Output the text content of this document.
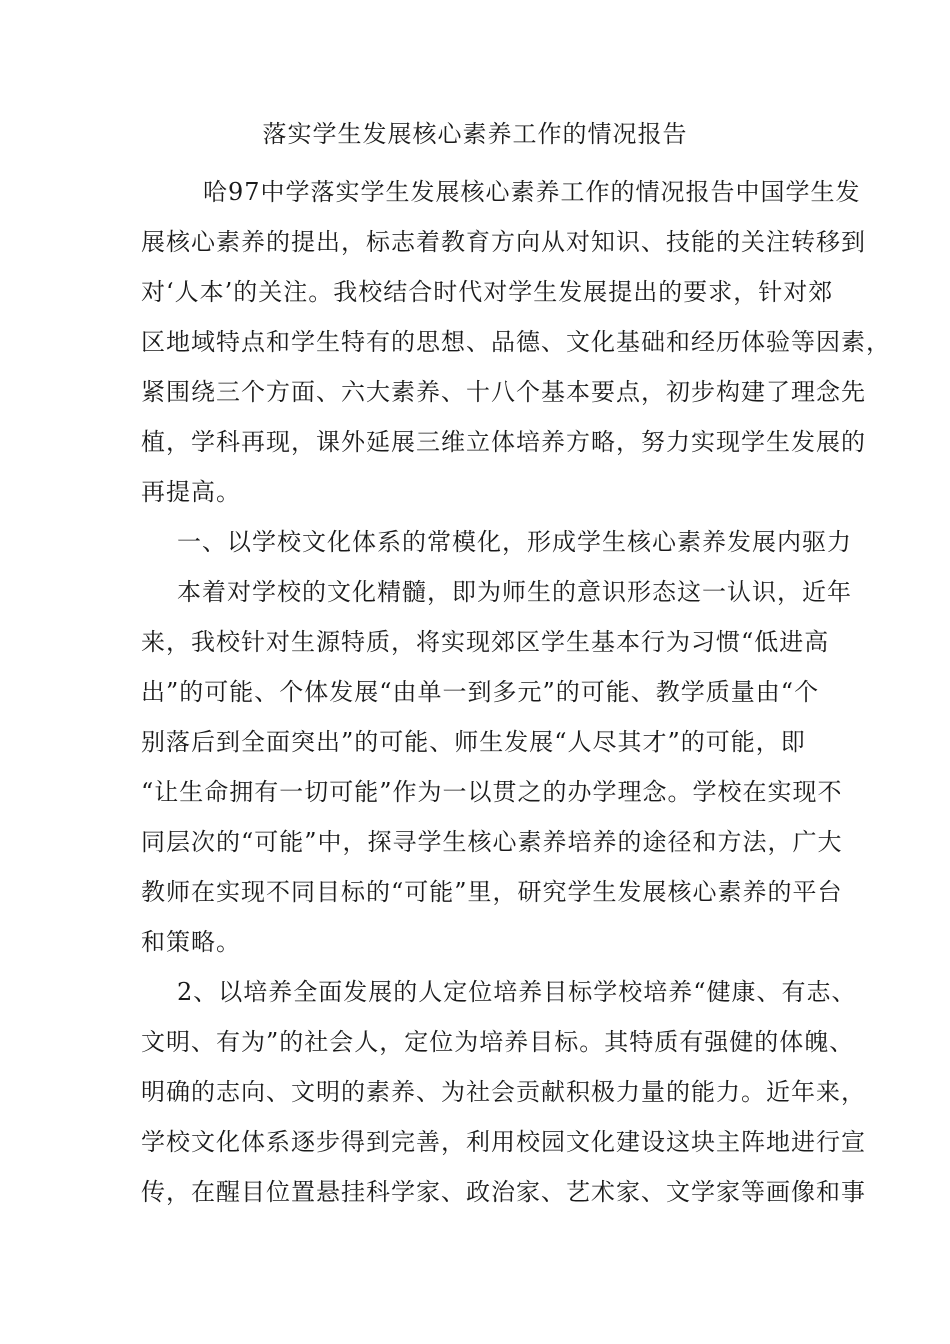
落实学生发展核心素养工作的情况报告
哈97中学落实学生发展核心素养工作的情况报告中国学生发
展核心素养的提出，标志着教育方向从对知识、技能的关注转移到
对‘人本’的关注。我校结合时代对学生发展提出的要求，针对郊
区地域特点和学生特有的思想、品德、文化基础和经历体验等因素，
紧围绕三个方面、六大素养、十八个基本要点，初步构建了理念先
植，学科再现，课外延展三维立体培养方略，努力实现学生发展的
再提高。
一、以学校文化体系的常模化，形成学生核心素养发展内驱力
本着对学校的文化精髓，即为师生的意识形态这一认识，近年
来，我校针对生源特质，将实现郊区学生基本行为习惯“低进高
出”的可能、个体发展“由单一到多元”的可能、教学质量由“个
别落后到全面突出”的可能、师生发展“人尽其才”的可能，即
“让生命拥有一切可能”作为一以贯之的办学理念。学校在实现不
同层次的“可能”中，探寻学生核心素养培养的途径和方法，广大
教师在实现不同目标的“可能”里，研究学生发展核心素养的平台
和策略。
2、以培养全面发展的人定位培养目标学校培养“健康、有志、
文明、有为”的社会人，定位为培养目标。其特质有强健的体魄、
明确的志向、文明的素养、为社会贡献积极力量的能力。近年来，
学校文化体系逐步得到完善，利用校园文化建设这块主阵地进行宣
传，在醒目位置悬挂科学家、政治家、艺术家、文学家等画像和事
